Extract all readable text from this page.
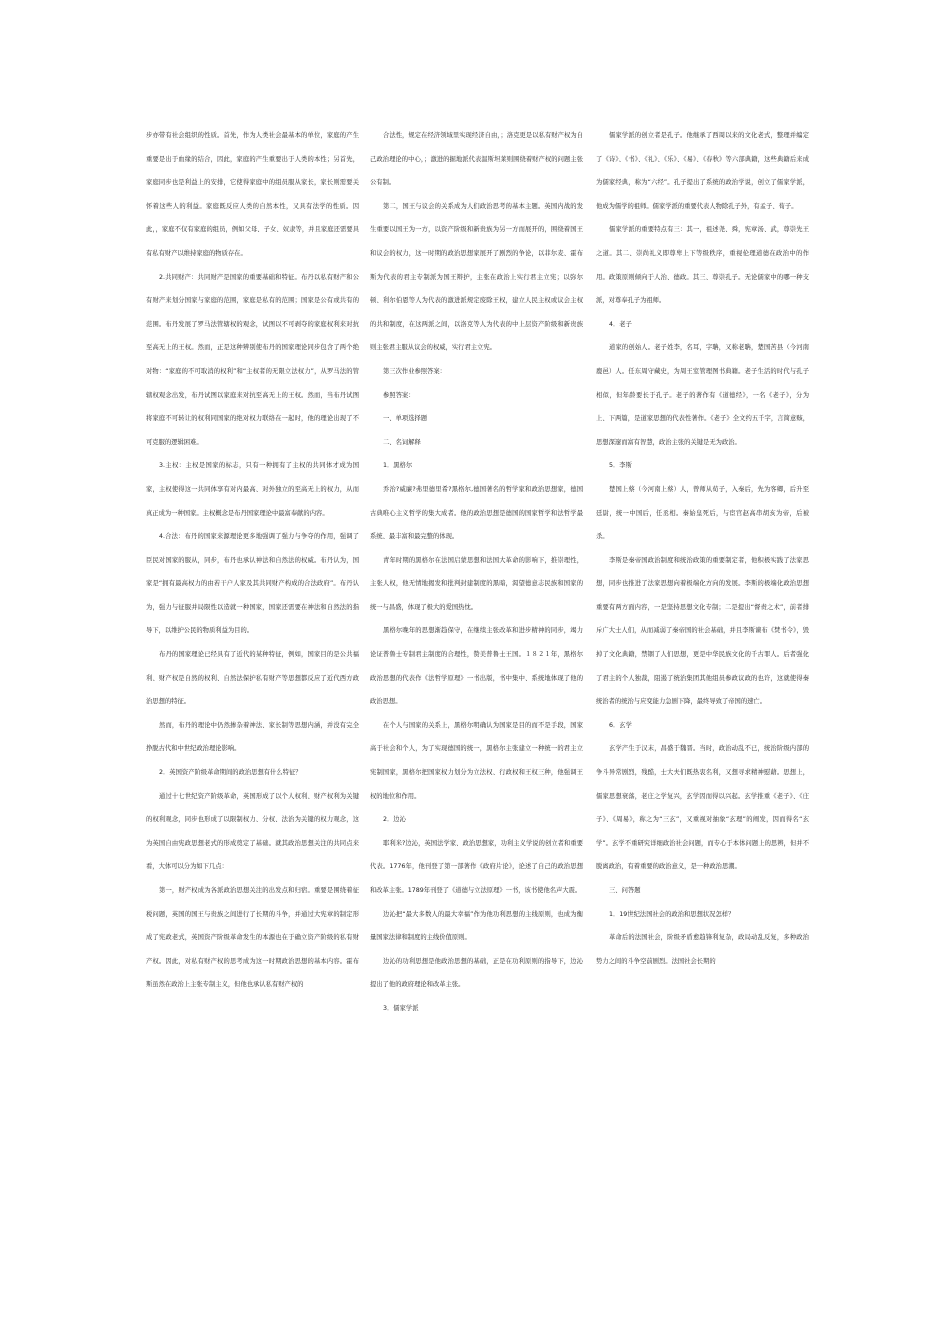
步亦带有社会组织的性质。首先，作为人类社会最基本的单位，家庭的产生重要是出于血缘的结合，因此，家庭的产生重要出于人类的本性；另首先，家庭同步也是利益上的安排，它使得家庭中的组员服从家长，家长则需要关怀着这些人的利益。家庭既反应人类的自然本性，又具有法学的性质。因此，，家庭不仅有家庭的组员，例如父母、子女、奴隶等，并且家庭还需要具有私有财产以维持家庭的物质存在。

2.共同财产：共同财产是国家的重要基础和特征。布丹以私有财产和公有财产来划分国家与家庭的范围，家庭是私有的范围；国家是公有或共有的范围。布丹发展了罗马法管辖权的观念，试图以不可剥夺的家庭权利来对抗至高无上的王权。然而，正是这种辨别使布丹的国家理论同步包含了两个绝对物：“家庭的不可取消的权利”和“主权者的无限立法权力”，从罗马法的管辖权观念出发，布丹试图以家庭来对抗至高无上的王权。然而，当布丹试图将家庭不可转让的权利同国家的绝对权力联络在一起时，他的理论出现了不可克服的逻辑困难。

3.主权：主权是国家的标志，只有一种拥有了主权的共同体才成为国家，主权使得这一共同体享有对内最高、对外独立的至高无上的权力，从而真正成为一种国家。主权概念是布丹国家理论中最富奉献的内容。

4.合法：布丹的国家来源理论更多地强调了强力与争夺的作用，强调了臣民对国家的服从，同步，布丹也承认神法和自然法的权威。布丹认为，国家是“拥有最高权力的由若干户人家及其共同财产构成的合法政府”。布丹认为，强力与征服并局限性以造就一种国家，国家还需要在神法和自然法的指导下，以维护公民的物质利益为目的。

布丹的国家理论已经具有了近代的某种特征，例如，国家目的是公共福利、财产权是自然的权利、自然法保护私有财产等思想都反应了近代西方政治思想的特征。

然而，布丹的理论中仍然掺杂着神法、家长制等思想内涵，并没有完全挣脱古代和中世纪政治理论影响。

2．英国资产阶级革命期间的政治思想有什么特征？

通过十七世纪资产阶级革命，英国形成了以个人权利、财产权利为关键的权利观念，同步也形成了以限制权力、分权、法治为关键的权力观念，这为英国自由宪政思想老式的形成奠定了基础。就其政治思想关注的共同点来看，大体可以分为如下几点：

第一，财产权成为各派政治思想关注的出发点和归宿。重要是围绕着征税问题，英国的国王与贵族之间进行了长期的斗争，并通过大宪章的制定形成了宪政老式，英国资产阶级革命发生的本源也在于确立资产阶级的私有财产权。因此，对私有财产权的思考成为这一时期政治思想的基本内容。霍布斯虽然在政治上主张专制主义，但他也承认私有财产权的

合法性，规定在经济领域里实现经济自由，；洛克更是以私有财产权为自己政治理论的中心，；激进的掘地派代表温斯坦莱则围绕着财产权的问题主张公有制。

第二，国王与议会的关系成为人们政治思考的基本主题。英国内战的发生重要以国王为一方，以资产阶级和新贵族为另一方而展开的，围绕着国王和议会的权力，这一时期的政治思想家展开了剧烈的争论，以菲尔麦、霍布斯为代表的君主专制派为国王辩护，主张在政治上实行君主立宪；以弥尔顿、利尔伯恩等人为代表的激进派规定废除王权，建立人民主权或议会主权的共和制度，在这两派之间，以洛克等人为代表的中上层资产阶级和新贵族则主张君主服从议会的权威，实行君主立宪。

第三次作业参照答案：

参照答案：

一、单项选择题

二、名词解释

1．黑格尔

乔治?威廉?弗里德里希?黑格尔,德国著名的哲学家和政治思想家，德国古典唯心主义哲学的集大成者。他的政治思想是德国的国家哲学和法哲学最系统、最丰富和最完整的体现。

青年时期的黑格尔在法国启蒙思想和法国大革命的影响下，推崇理性，主张人权，他无情地揭发和批判封建制度的黑暗，渴望德意志民族和国家的统一与昌盛，体现了极大的爱国热忱。

黑格尔晚年的思想渐趋保守，在继续主张改革和进步精神的同步，竭力论证普鲁士专制君主制度的合理性，赞美普鲁士王国。１８２１年，黑格尔政治思想的代表作《法哲学原理》一书出版，书中集中、系统地体现了他的政治思想。

在个人与国家的关系上，黑格尔明确认为国家是目的而不是手段，国家高于社会和个人，为了实现德国的统一，黑格尔主张建立一种统一的君主立宪制国家，黑格尔把国家权力划分为立法权、行政权和王权三种，他强调王权的地位和作用。

2．边沁

耶利米?边沁，英国法学家、政治思想家，功利主义学说的创立者和重要代表。1776年，他刊登了第一部著作《政府片论》，论述了自己的政治思想和改革主张。1789年刊登了《道德与立法原理》一书，该书使他名声大震。

边沁把“最大多数人的最大幸福”作为他功利思想的主线原则，也成为衡量国家法律和制度的主线价值原则。

边沁的功利思想是他政治思想的基础，正是在功利原则的指导下，边沁提出了他的政府理论和改革主张。

3．儒家学派

儒家学派的创立者是孔子。他继承了西周以来的文化老式，整理并编定了《诗》、《书》、《礼》、《乐》、《易》、《春秋》等六部典籍，这些典籍后来成为儒家经典，称为“六经”。孔子提出了系统的政治学说，创立了儒家学派，他成为儒学的祖师。儒家学派的重要代表人物除孔子外，有孟子、荀子。

儒家学派的重要特点有三：其一，祖述尧、舜，宪章汤、武，尊崇先王之道。其二、崇尚礼义即尊卑上下等级秩序，重视伦理道德在政治中的作用。政策原则倾向于人治、德政。其三、尊崇孔子。无论儒家中的哪一种支派，对尊奉孔子为祖师。

4．老子

道家的创始人。老子姓李，名耳，字聃，又称老聃，楚国苦县（今河南鹿邑）人。任东周守藏史，为周王室管理图书典籍。老子生活的时代与孔子相似，但年龄要长于孔子。老子的著作有《道德经》，一名《老子》，分为上、下两篇，是道家思想的代表性著作。《老子》全文约五千字，言简意赅，思想深邃而富有智慧，政治主张的关键是无为政治。

5．李斯

楚国上蔡（今河南上蔡）人，曾师从荀子，入秦后，先为客卿，后升至廷尉，统一中国后，任丞相。秦始皇死后，与宦官赵高串胡亥为帝，后被杀。

李斯是秦帝国政治制度和统治政策的重要制定者，他积极实践了法家思想，同步也推进了法家思想向着极端化方向的发展。李斯的极端化政治思想重要有两方面内容，一是坚持思想文化专制；二是提出“督责之术”，前者排斥广大士人们，从而减弱了秦帝国的社会基础，并且李斯谏布《焚书令》，毁掉了文化典籍，禁锢了人们思想，更是中华民族文化的千古罪人。后者强化了君主的个人独裁，阻遏了统治集团其他组员参政议政的也许，这就使得秦统治者的统治与应变能力急剧下降，最终导致了帝国的速亡。

6．玄学

玄学产生于汉末，昌盛于魏晋。当时，政治动乱不已，统治阶级内部的争斗异常剧烈，残酷，士大夫们既热衷名利，又想寻求精神慰藉。思想上，儒家思想衰落，老庄之学复兴，玄学因而得以兴起。玄学推重《老子》、《庄子》、《周易》，称之为“三玄”，又重视对抽象“玄理”的阐发，因而得名“玄学”。玄学不重研究详细政治社会问题，而专心于本体问题上的思辨，但并不脱离政治，有着重要的政治意义，是一种政治思潮。

三、问答题

1．19世纪法国社会的政治和思想状况怎样？

革命后的法国社会，阶级矛盾愈趋锋利复杂，政局动乱反复，多种政治势力之间的斗争空前剧烈。法国社会长期的
